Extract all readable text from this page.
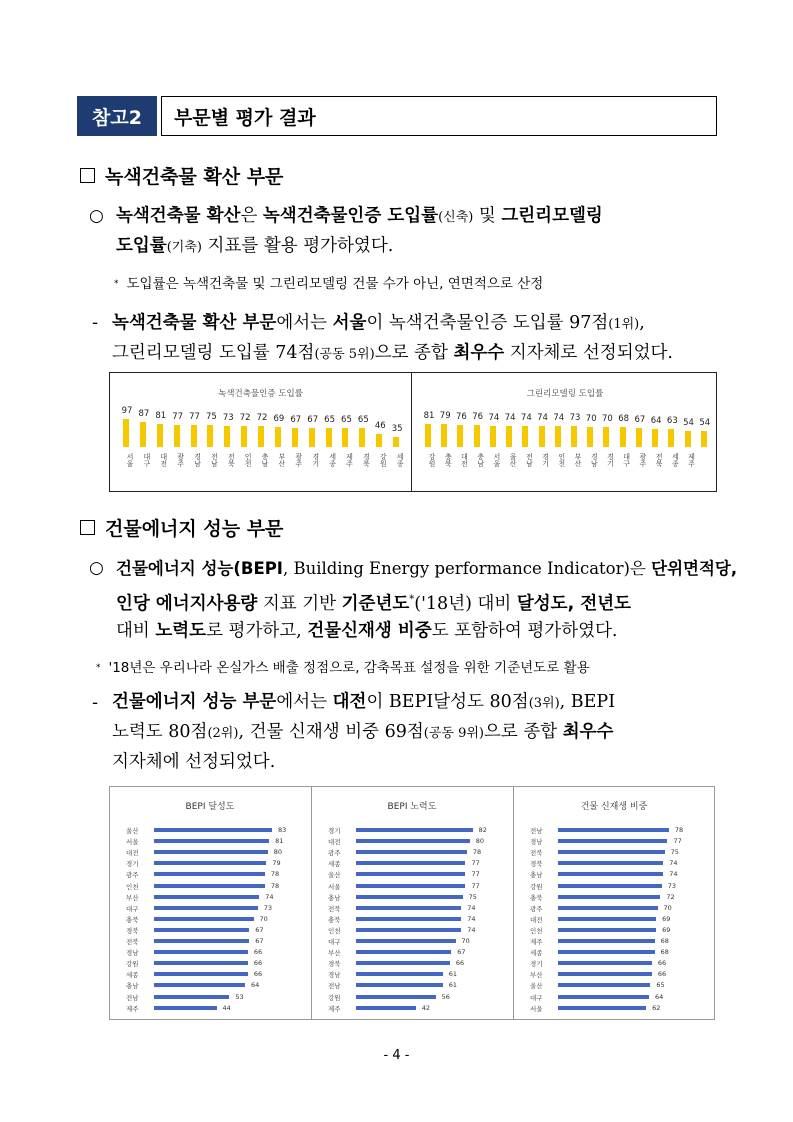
참고2 부문별 평가 결과
녹색건축물 확산 부문
○ 녹색건축물 확산은 녹색건축물인증 도입률(신축) 및 그린리모델링
도입률(기축) 지표를 활용 평가하였다.
* 도입률은 녹색건축물 및 그린리모델링 건물 수가 아닌, 연면적으로 산정
- 녹색건축물 확산 부문에서는 서울이 녹색건축물인증 도입률 97점(1위),
그린리모델링 도입률 74점(공동 5위)으로 종합 최우수 지자체로 선정되었다.
녹색건축물인증 도입률
97
서울
87
대구
81
대전
77
광주
77
경남
75
전남
73
전북
72
인천
72
충남
69
부산
67
광주
67
경기
65
세종
65
제주
65
경북
46
강원
35
세종
그린리모델링 도입률
81
강원
79
충북
76
대전
76
충남
74
서울
74
울산
74
전남
74
경기
74
인천
73
부산
70
경남
70
경기
68
대구
67
광주
64
전북
63
세종
54
제주
54
건물에너지 성능 부문
○ 건물에너지 성능(BEPI, Building Energy performance Indicator)은 단위면적당,
인당 에너지사용량 지표 기반 기준년도*('18년) 대비 달성도, 전년도
대비 노력도로 평가하고, 건물신재생 비중도 포함하여 평가하였다.
* '18년은 우리나라 온실가스 배출 정점으로, 감축목표 설정을 위한 기준년도로 활용
- 건물에너지 성능 부문에서는 대전이 BEPI달성도 80점(3위), BEPI
노력도 80점(2위), 건물 신재생 비중 69점(공동 9위)으로 종합 최우수
지자체에 선정되었다.
BEPI 달성도
울산	83
서울	81
대전	80
경기	79
광주	78
인천	78
부산	74
대구	73
충북	70
경북	67
전북	67
경남	66
강원	66
세종	66
충남	64
전남	53
제주	44
BEPI 노력도
경기	82
대전	80
광주	78
세종	77
울산	77
서울	77
충남	75
전북	74
충북	74
인천	74
대구	70
부산	67
경북	66
경남	61
전남	61
강원	56
제주	42
건물 신재생 비중
전남	78
경남	77
전북	75
경북	74
충남	74
강원	73
충북	72
광주	70
대전	69
인천	69
제주	68
세종	68
경기	66
부산	66
울산	65
대구	64
서울	62
- 4 -
